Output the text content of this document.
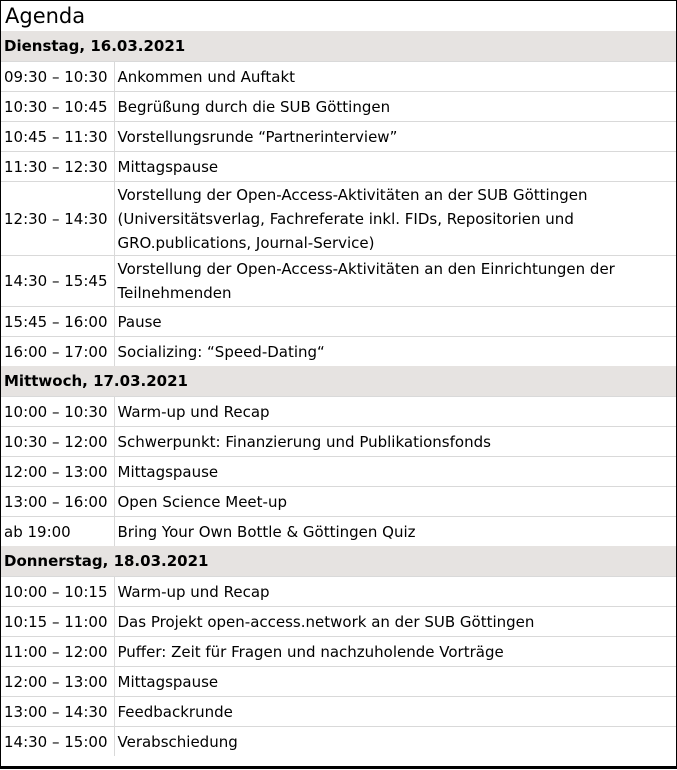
Agenda	
Dienstag, 16.03.2021	
09:30 – 10:30	Ankommen und Auftakt
10:30 – 10:45	Begrüßung durch die SUB Göttingen
10:45 – 11:30	Vorstellungsrunde “Partnerinterview”
11:30 – 12:30	Mittagspause
12:30 – 14:30	Vorstellung der Open-Access-Aktivitäten an der SUB Göttingen (Universitätsverlag, Fachreferate inkl. FIDs, Repositorien und GRO.publications, Journal-Service)
14:30 – 15:45	Vorstellung der Open-Access-Aktivitäten an den Einrichtungen der Teilnehmenden
15:45 – 16:00	Pause
16:00 – 17:00	Socializing: “Speed-Dating“
Mittwoch, 17.03.2021	
10:00 – 10:30	Warm-up und Recap
10:30 – 12:00	Schwerpunkt: Finanzierung und Publikationsfonds
12:00 – 13:00	Mittagspause
13:00 – 16:00	Open Science Meet-up
ab 19:00	Bring Your Own Bottle & Göttingen Quiz
Donnerstag, 18.03.2021	
10:00 – 10:15	Warm-up und Recap
10:15 – 11:00	Das Projekt open-access.network an der SUB Göttingen
11:00 – 12:00	Puffer: Zeit für Fragen und nachzuholende Vorträge
12:00 – 13:00	Mittagspause
13:00 – 14:30	Feedbackrunde
14:30 – 15:00	Verabschiedung
